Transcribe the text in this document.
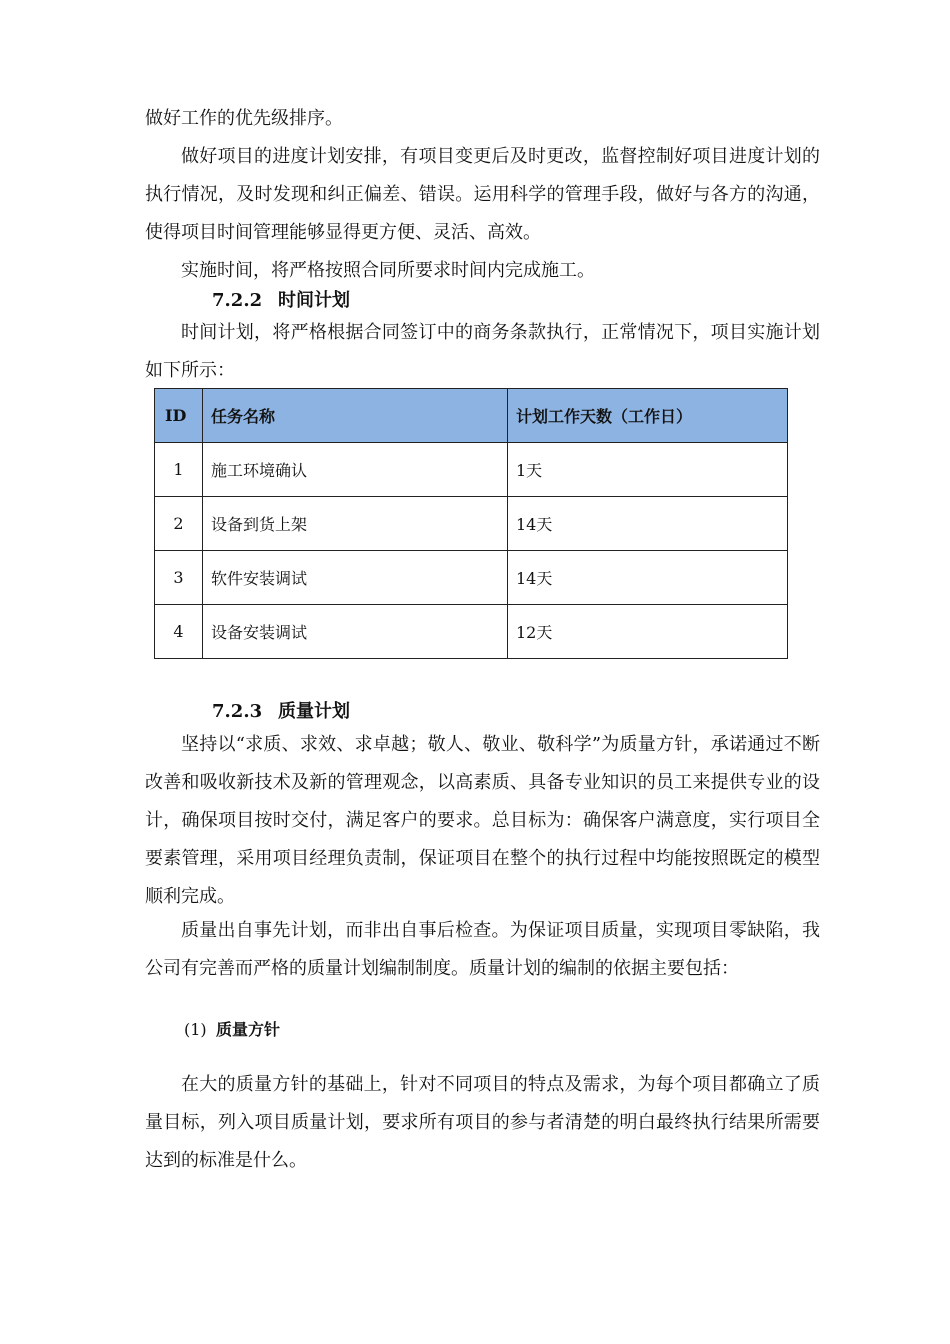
做好工作的优先级排序。

做好项目的进度计划安排，有项目变更后及时更改，监督控制好项目进度计划的执行情况，及时发现和纠正偏差、错误。运用科学的管理手段，做好与各方的沟通，使得项目时间管理能够显得更方便、灵活、高效。

实施时间，将严格按照合同所要求时间内完成施工。

7.2.2 时间计划

时间计划，将严格根据合同签订中的商务条款执行，正常情况下，项目实施计划如下所示：

ID	任务名称	计划工作天数（工作日）
1	施工环境确认	1天
2	设备到货上架	14天
3	软件安装调试	14天
4	设备安装调试	12天
7.2.3 质量计划

坚持以“求质、求效、求卓越；敬人、敬业、敬科学”为质量方针，承诺通过不断改善和吸收新技术及新的管理观念，以高素质、具备专业知识的员工来提供专业的设计，确保项目按时交付，满足客户的要求。总目标为：确保客户满意度，实行项目全要素管理，采用项目经理负责制，保证项目在整个的执行过程中均能按照既定的模型顺利完成。

质量出自事先计划，而非出自事后检查。为保证项目质量，实现项目零缺陷，我公司有完善而严格的质量计划编制制度。质量计划的编制的依据主要包括：

(1) 质量方针

在大的质量方针的基础上，针对不同项目的特点及需求，为每个项目都确立了质量目标，列入项目质量计划，要求所有项目的参与者清楚的明白最终执行结果所需要达到的标准是什么。
